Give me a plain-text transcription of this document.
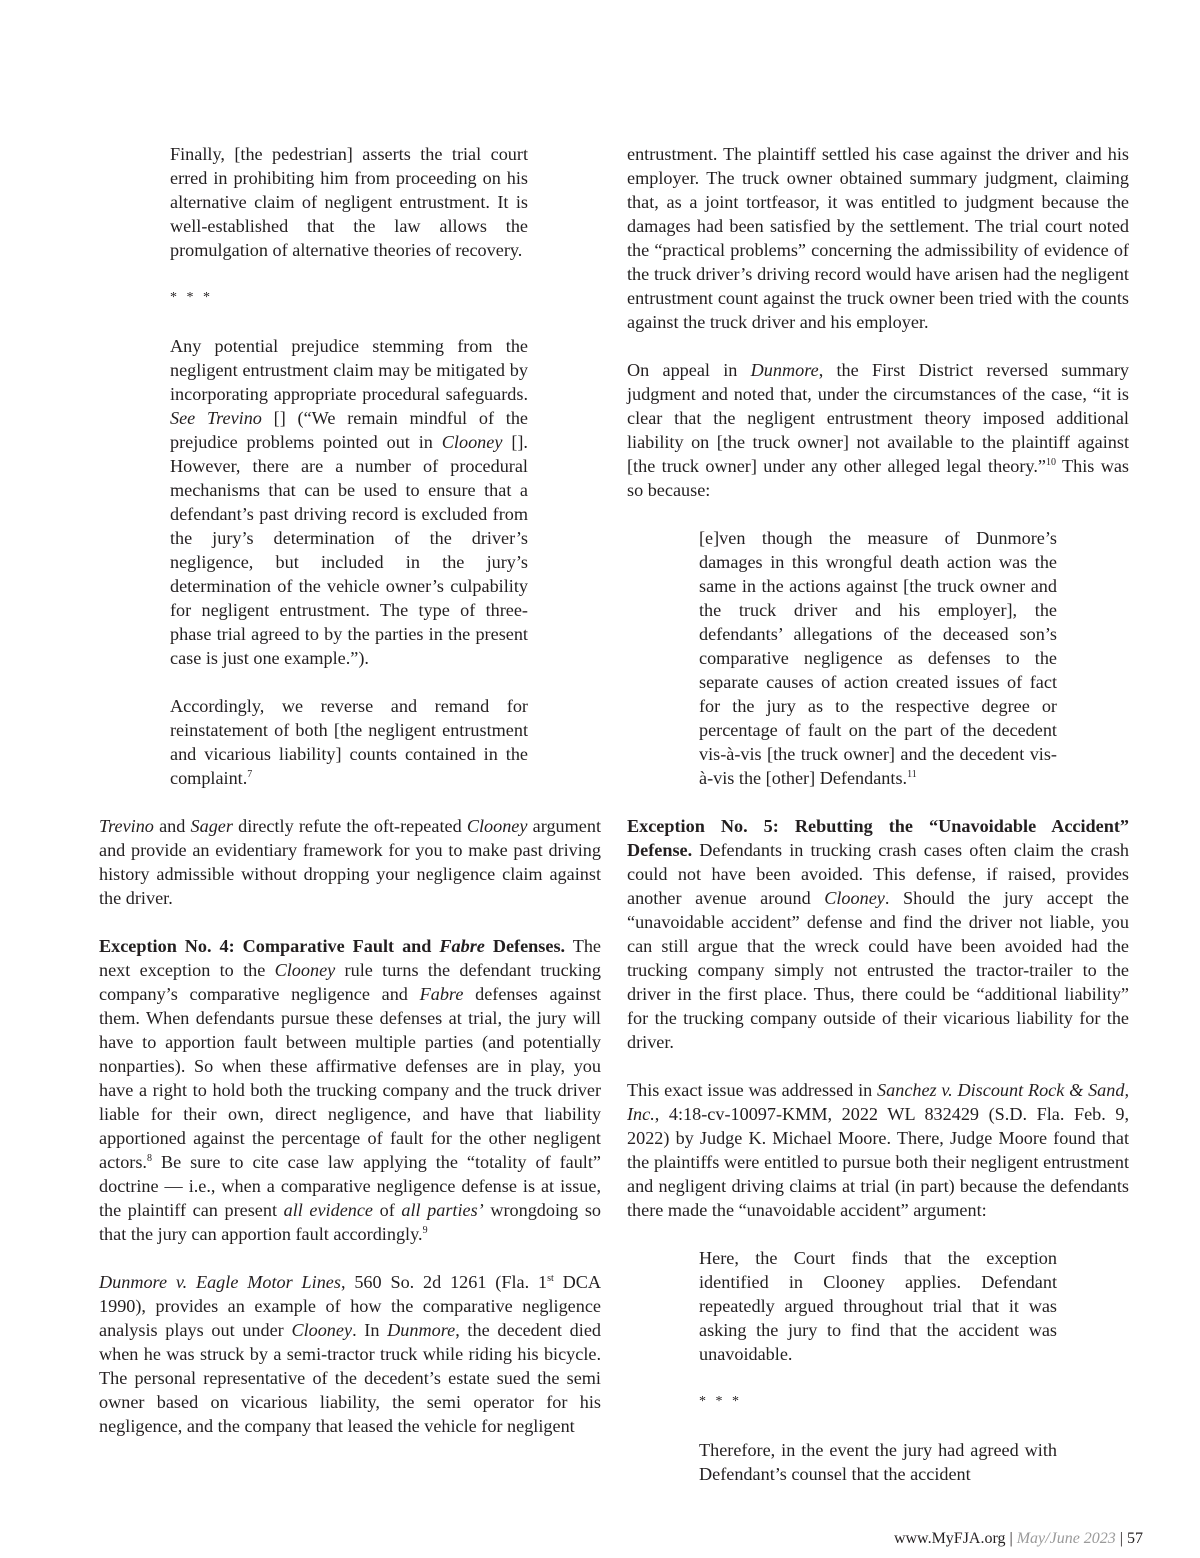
Finally, [the pedestrian] asserts the trial court erred in prohibiting him from proceeding on his alternative claim of negligent entrustment. It is well-established that the law allows the promulgation of alternative theories of recovery.

* * *

Any potential prejudice stemming from the negligent entrustment claim may be mitigated by incorporating appropriate procedural safeguards. See Trevino [] (“We remain mindful of the prejudice problems pointed out in Clooney []. However, there are a number of procedural mechanisms that can be used to ensure that a defendant’s past driving record is excluded from the jury’s determination of the driver’s negligence, but included in the jury’s determination of the vehicle owner’s culpability for negligent entrustment. The type of three-phase trial agreed to by the parties in the present case is just one example.”).

Accordingly, we reverse and remand for reinstatement of both [the negligent entrustment and vicarious liability] counts contained in the complaint.$^7$

Trevino and Sager directly refute the oft-repeated Clooney argument and provide an evidentiary framework for you to make past driving history admissible without dropping your negligence claim against the driver.

Exception No. 4: Comparative Fault and Fabre Defenses. The next exception to the Clooney rule turns the defendant trucking company’s comparative negligence and Fabre defenses against them. When defendants pursue these defenses at trial, the jury will have to apportion fault between multiple parties (and potentially nonparties). So when these affirmative defenses are in play, you have a right to hold both the trucking company and the truck driver liable for their own, direct negligence, and have that liability apportioned against the percentage of fault for the other negligent actors.$^8$ Be sure to cite case law applying the “totality of fault” doctrine — i.e., when a comparative negligence defense is at issue, the plaintiff can present all evidence of all parties’ wrongdoing so that the jury can apportion fault accordingly.$^9$

Dunmore v. Eagle Motor Lines, 560 So. 2d 1261 (Fla. 1st DCA 1990), provides an example of how the comparative negligence analysis plays out under Clooney. In Dunmore, the decedent died when he was struck by a semi-tractor truck while riding his bicycle. The personal representative of the decedent’s estate sued the semi owner based on vicarious liability, the semi operator for his negligence, and the company that leased the vehicle for negligent

entrustment. The plaintiff settled his case against the driver and his employer. The truck owner obtained summary judgment, claiming that, as a joint tortfeasor, it was entitled to judgment because the damages had been satisfied by the settlement. The trial court noted the “practical problems” concerning the admissibility of evidence of the truck driver’s driving record would have arisen had the negligent entrustment count against the truck owner been tried with the counts against the truck driver and his employer.

On appeal in Dunmore, the First District reversed summary judgment and noted that, under the circumstances of the case, “it is clear that the negligent entrustment theory imposed additional liability on [the truck owner] not available to the plaintiff against [the truck owner] under any other alleged legal theory.”$^{10}$ This was so because:

[e]ven though the measure of Dunmore’s damages in this wrongful death action was the same in the actions against [the truck owner and the truck driver and his employer], the defendants’ allegations of the deceased son’s comparative negligence as defenses to the separate causes of action created issues of fact for the jury as to the respective degree or percentage of fault on the part of the decedent vis-à-vis [the truck owner] and the decedent vis-à-vis the [other] Defendants.$^{11}$

Exception No. 5: Rebutting the “Unavoidable Accident” Defense. Defendants in trucking crash cases often claim the crash could not have been avoided. This defense, if raised, provides another avenue around Clooney. Should the jury accept the “unavoidable accident” defense and find the driver not liable, you can still argue that the wreck could have been avoided had the trucking company simply not entrusted the tractor-trailer to the driver in the first place. Thus, there could be “additional liability” for the trucking company outside of their vicarious liability for the driver.

This exact issue was addressed in Sanchez v. Discount Rock & Sand, Inc., 4:18-cv-10097-KMM, 2022 WL 832429 (S.D. Fla. Feb. 9, 2022) by Judge K. Michael Moore. There, Judge Moore found that the plaintiffs were entitled to pursue both their negligent entrustment and negligent driving claims at trial (in part) because the defendants there made the “unavoidable accident” argument:

Here, the Court finds that the exception identified in Clooney applies. Defendant repeatedly argued throughout trial that it was asking the jury to find that the accident was unavoidable.

* * *

Therefore, in the event the jury had agreed with Defendant’s counsel that the accident

www.MyFJA.org | May/June 2023 | 57
